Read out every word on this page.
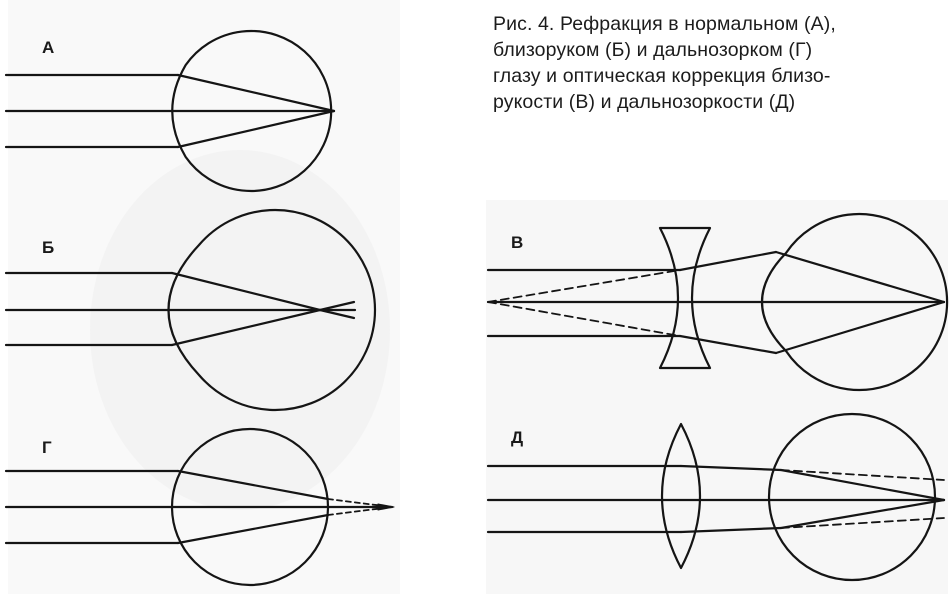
Рис. 4. Рефракция в нормальном (А),
близоруком (Б) и дальнозорком (Г)
глазу и оптическая коррекция близо-
рукости (В) и дальнозоркости (Д)
А
Б
Г
В
Д
